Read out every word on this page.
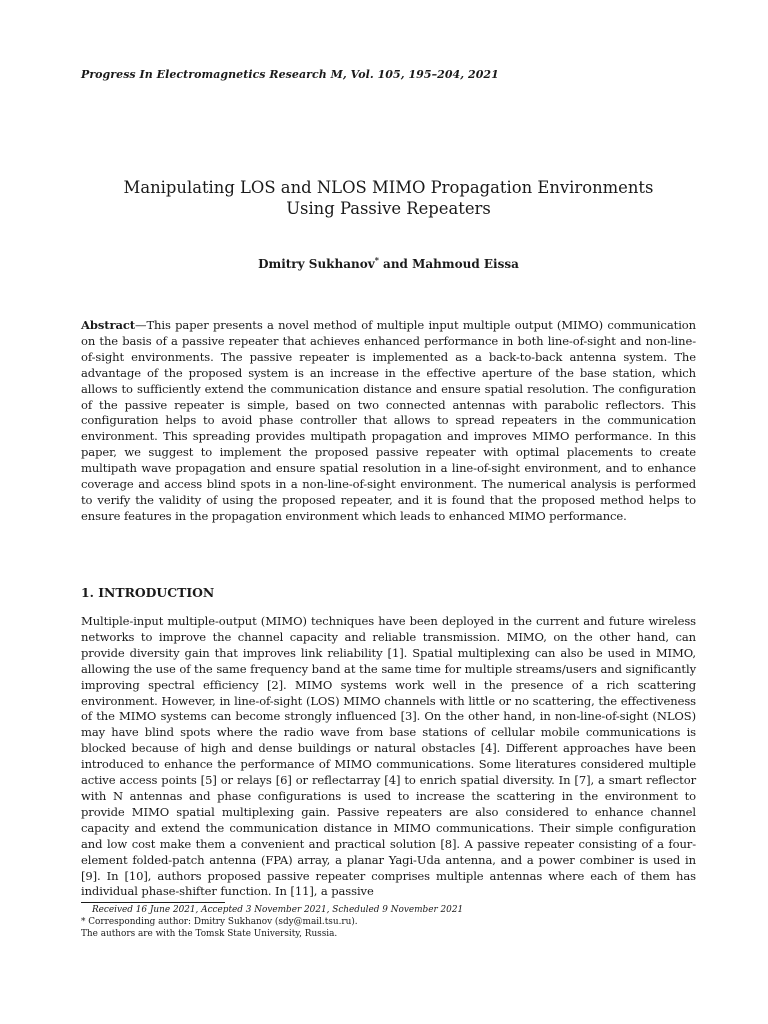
Progress In Electromagnetics Research M, Vol. 105, 195–204, 2021
Manipulating LOS and NLOS MIMO Propagation Environments
Using Passive Repeaters
Dmitry Sukhanov* and Mahmoud Eissa

Abstract—This paper presents a novel method of multiple input multiple output (MIMO) communication on the basis of a passive repeater that achieves enhanced performance in both line-of-sight and non-line-of-sight environments. The passive repeater is implemented as a back-to-back antenna system. The advantage of the proposed system is an increase in the effective aperture of the base station, which allows to sufficiently extend the communication distance and ensure spatial resolution. The configuration of the passive repeater is simple, based on two connected antennas with parabolic reflectors. This configuration helps to avoid phase controller that allows to spread repeaters in the communication environment. This spreading provides multipath propagation and improves MIMO performance. In this paper, we suggest to implement the proposed passive repeater with optimal placements to create multipath wave propagation and ensure spatial resolution in a line-of-sight environment, and to enhance coverage and access blind spots in a non-line-of-sight environment. The numerical analysis is performed to verify the validity of using the proposed repeater, and it is found that the proposed method helps to ensure features in the propagation environment which leads to enhanced MIMO performance.

1. INTRODUCTION

Multiple-input multiple-output (MIMO) techniques have been deployed in the current and future wireless networks to improve the channel capacity and reliable transmission. MIMO, on the other hand, can provide diversity gain that improves link reliability [1]. Spatial multiplexing can also be used in MIMO, allowing the use of the same frequency band at the same time for multiple streams/users and significantly improving spectral efficiency [2]. MIMO systems work well in the presence of a rich scattering environment. However, in line-of-sight (LOS) MIMO channels with little or no scattering, the effectiveness of the MIMO systems can become strongly influenced [3]. On the other hand, in non-line-of-sight (NLOS) may have blind spots where the radio wave from base stations of cellular mobile communications is blocked because of high and dense buildings or natural obstacles [4]. Different approaches have been introduced to enhance the performance of MIMO communications. Some literatures considered multiple active access points [5] or relays [6] or reflectarray [4] to enrich spatial diversity. In [7], a smart reflector with N antennas and phase configurations is used to increase the scattering in the environment to provide MIMO spatial multiplexing gain. Passive repeaters are also considered to enhance channel capacity and extend the communication distance in MIMO communications. Their simple configuration and low cost make them a convenient and practical solution [8]. A passive repeater consisting of a four-element folded-patch antenna (FPA) array, a planar Yagi-Uda antenna, and a power combiner is used in [9]. In [10], authors proposed passive repeater comprises multiple antennas where each of them has individual phase-shifter function. In [11], a passive

Received 16 June 2021, Accepted 3 November 2021, Scheduled 9 November 2021
* Corresponding author: Dmitry Sukhanov (sdy@mail.tsu.ru).
The authors are with the Tomsk State University, Russia.
